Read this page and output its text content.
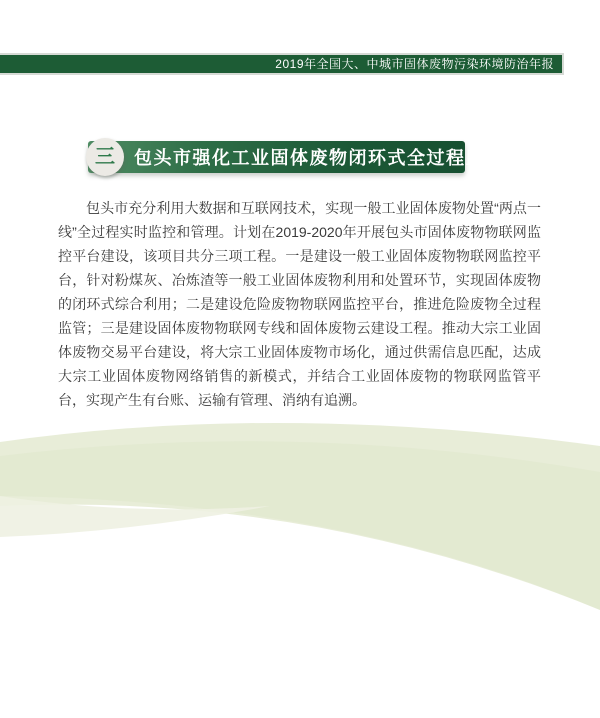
2019年全国大、中城市固体废物污染环境防治年报
包头市强化工业固体废物闭环式全过程监管
三

包头市充分利用大数据和互联网技术，实现一般工业固体废物处置“两点一线”全过程实时监控和管理。计划在2019-2020年开展包头市固体废物物联网监控平台建设，该项目共分三项工程。一是建设一般工业固体废物物联网监控平台，针对粉煤灰、冶炼渣等一般工业固体废物利用和处置环节，实现固体废物的闭环式综合利用；二是建设危险废物物联网监控平台，推进危险废物全过程监管；三是建设固体废物物联网专线和固体废物云建设工程。推动大宗工业固体废物交易平台建设，将大宗工业固体废物市场化，通过供需信息匹配，达成大宗工业固体废物网络销售的新模式，并结合工业固体废物的物联网监管平台，实现产生有台账、运输有管理、消纳有追溯。
